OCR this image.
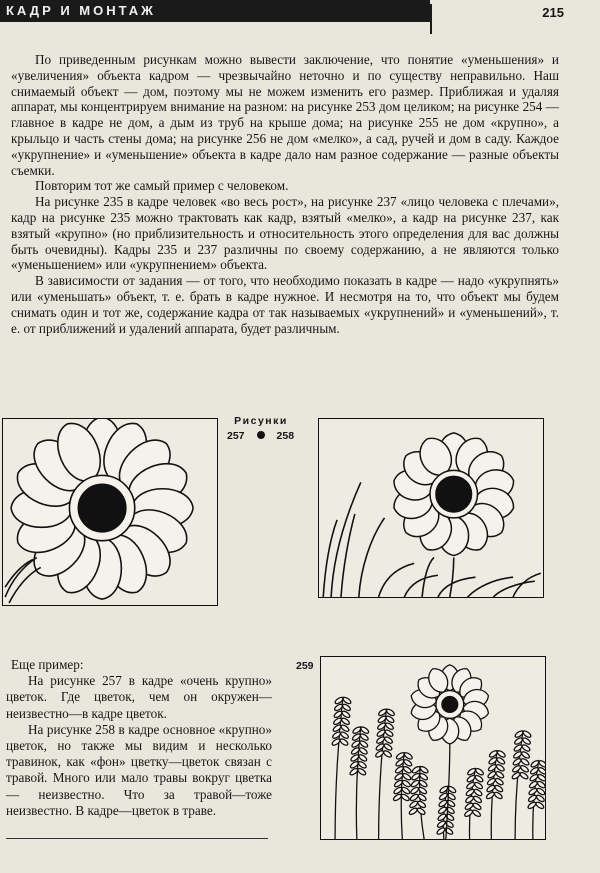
КАДР И МОНТАЖ	215

По приведенным рисункам можно вывести заключение, что понятие «уменьшения» и «увеличения» объекта кадром — чрезвычайно неточно и по существу неправильно. Наш снимаемый объект — дом, поэтому мы не можем изменить его размер. Приближая и удаляя аппарат, мы концентрируем внимание на разном: на рисунке 253 дом целиком; на рисунке 254 — главное в кадре не дом, а дым из труб на крыше дома; на рисунке 255 не дом «крупно», а крыльцо и часть стены дома; на рисунке 256 не дом «мелко», а сад, ручей и дом в саду. Каждое «укрупнение» и «уменьшение» объекта в кадре дало нам разное содержание — разные объекты съемки.

Повторим тот же самый пример с человеком.

На рисунке 235 в кадре человек «во весь рост», на рисунке 237 «лицо человека с плечами», кадр на рисунке 235 можно трактовать как кадр, взятый «мелко», а кадр на рисунке 237, как взятый «крупно» (но приблизительность и относительность этого определения для вас должны быть очевидны). Кадры 235 и 237 различны по своему содержанию, а не являются только «уменьшением» или «укрупнением» объекта.

В зависимости от задания — от того, что необходимо показать в кадре — надо «укрупнять» или «уменьшать» объект, т. е. брать в кадре нужное. И несмотря на то, что объект мы будем снимать один и тот же, содержание кадра от так называемых «укрупнений» и «уменьшений», т. е. от приближений и удалений аппарата, будет различным.

Рисунки
257	258
259

Еще пример:

На рисунке 257 в кадре «очень крупно» цветок. Где цветок, чем он окружен—неизвестно—в кадре цветок.

На рисунке 258 в кадре основное «крупно» цветок, но также мы видим и несколько травинок, как «фон» цветку—цветок связан с травой. Много или мало травы вокруг цветка — неизвестно. Что за травой—тоже неизвестно. В кадре—цветок в траве.
